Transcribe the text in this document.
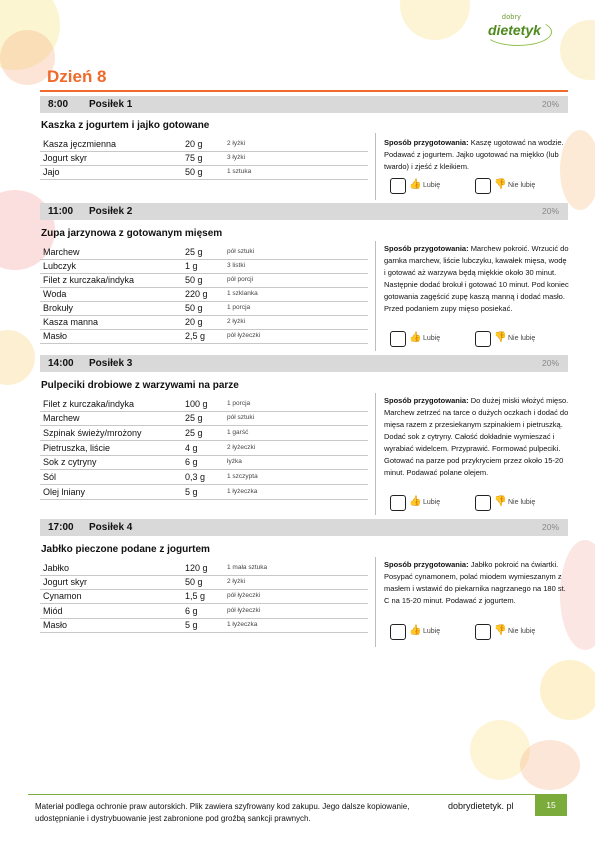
dobry
dietetyk
Dzień 8
8:00 Posiłek 1	20%
Kaszka z jogurtem i jajko gotowane
Kasza jęczmienna	20 g	2 łyżki
Jogurt skyr	75 g	3 łyżki
Jajo	50 g	1 sztuka
Sposób przygotowania: Kaszę ugotować na wodzie. Podawać z jogurtem. Jajko ugotować na miękko (lub twardo) i zjeść z kleikiem.
👍 Lubię	👎 Nie lubię
11:00 Posiłek 2	20%
Zupa jarzynowa z gotowanym mięsem
Marchew	25 g	pół sztuki
Lubczyk	1 g	3 listki
Filet z kurczaka/indyka	50 g	pół porcji
Woda	220 g	1 szklanka
Brokuły	50 g	1 porcja
Kasza manna	20 g	2 łyżki
Masło	2,5 g	pół łyżeczki
Sposób przygotowania: Marchew pokroić. Wrzucić do garnka marchew, liście lubczyku, kawałek mięsa, wodę i gotować aż warzywa będą miękkie około 30 minut. Następnie dodać brokuł i gotować 10 minut. Pod koniec gotowania zagęścić zupę kaszą manną i dodać masło. Przed podaniem zupy mięso posiekać.
👍 Lubię	👎 Nie lubię
14:00 Posiłek 3	20%
Pulpeciki drobiowe z warzywami na parze
Filet z kurczaka/indyka	100 g	1 porcja
Marchew	25 g	pół sztuki
Szpinak świeży/mrożony	25 g	1 garść
Pietruszka, liście	4 g	2 łyżeczki
Sok z cytryny	6 g	łyżka
Sól	0,3 g	1 szczypta
Olej lniany	5 g	1 łyżeczka
Sposób przygotowania: Do dużej miski włożyć mięso. Marchew zetrzeć na tarce o dużych oczkach i dodać do mięsa razem z przesiekanym szpinakiem i pietruszką. Dodać sok z cytryny. Całość dokładnie wymieszać i wyrabiać widelcem. Przyprawić. Formować pulpeciki. Gotować na parze pod przykryciem przez około 15-20 minut. Podawać polane olejem.
👍 Lubię	👎 Nie lubię
17:00 Posiłek 4	20%
Jabłko pieczone podane z jogurtem
Jabłko	120 g	1 mała sztuka
Jogurt skyr	50 g	2 łyżki
Cynamon	1,5 g	pół łyżeczki
Miód	6 g	pół łyżeczki
Masło	5 g	1 łyżeczka
Sposób przygotowania: Jabłko pokroić na ćwiartki. Posypać cynamonem, polać miodem wymieszanym z masłem i wstawić do piekarnika nagrzanego na 180 st. C na 15-20 minut. Podawać z jogurtem.
👍 Lubię	👎 Nie lubię
Materiał podlega ochronie praw autorskich. Plik zawiera szyfrowany kod zakupu. Jego dalsze kopiowanie, udostępnianie i dystrybuowanie jest zabronione pod groźbą sankcji prawnych.
dobrydietetyk. pl	15
